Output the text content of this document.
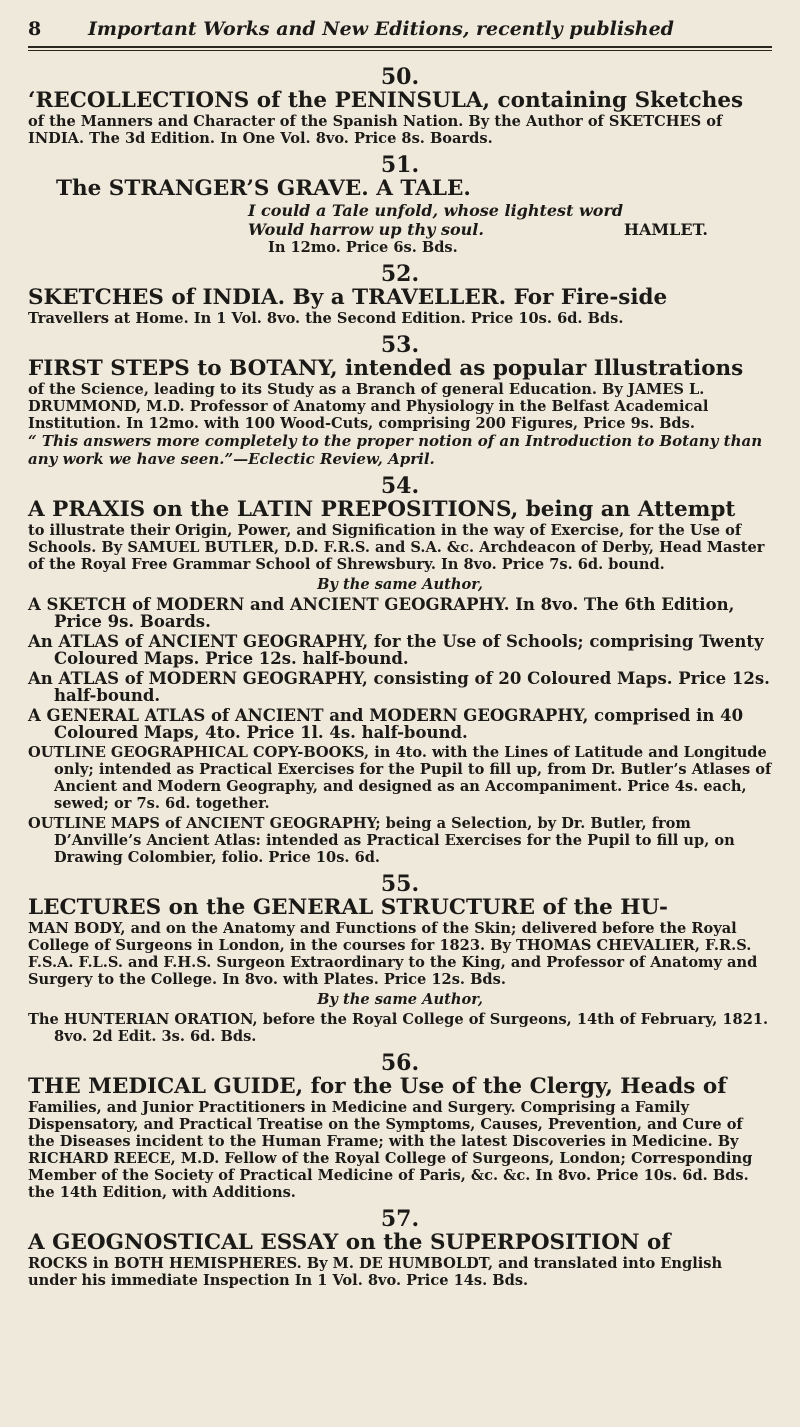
8	Important Works and New Editions, recently published
50.
‘RECOLLECTIONS of the PENINSULA, containing Sketches
of the Manners and Character of the Spanish Nation. By the Author of SKETCHES of INDIA. The 3d Edition. In One Vol. 8vo. Price 8s. Boards.
51.
The STRANGER’S GRAVE. A TALE.
I could a Tale unfold, whose lightest word
Would harrow up thy soul.	HAMLET.
In 12mo. Price 6s. Bds.
52.
SKETCHES of INDIA. By a TRAVELLER. For Fire-side
Travellers at Home. In 1 Vol. 8vo. the Second Edition. Price 10s. 6d. Bds.
53.
FIRST STEPS to BOTANY, intended as popular Illustrations
of the Science, leading to its Study as a Branch of general Education. By JAMES L. DRUMMOND, M.D. Professor of Anatomy and Physiology in the Belfast Academical Institution. In 12mo. with 100 Wood-Cuts, comprising 200 Figures, Price 9s. Bds.
“ This answers more completely to the proper notion of an Introduction to Botany than any work we have seen.”—Eclectic Review, April.
54.
A PRAXIS on the LATIN PREPOSITIONS, being an Attempt
to illustrate their Origin, Power, and Signification in the way of Exercise, for the Use of Schools. By SAMUEL BUTLER, D.D. F.R.S. and S.A. &c. Archdeacon of Derby, Head Master of the Royal Free Grammar School of Shrewsbury. In 8vo. Price 7s. 6d. bound.
By the same Author,
A SKETCH of MODERN and ANCIENT GEOGRAPHY. In 8vo. The 6th Edition, Price 9s. Boards.
An ATLAS of ANCIENT GEOGRAPHY, for the Use of Schools; comprising Twenty Coloured Maps. Price 12s. half-bound.
An ATLAS of MODERN GEOGRAPHY, consisting of 20 Coloured Maps. Price 12s. half-bound.
A GENERAL ATLAS of ANCIENT and MODERN GEOGRAPHY, comprised in 40 Coloured Maps, 4to. Price 1l. 4s. half-bound.
OUTLINE GEOGRAPHICAL COPY-BOOKS, in 4to. with the Lines of Latitude and Longitude only; intended as Practical Exercises for the Pupil to fill up, from Dr. Butler’s Atlases of Ancient and Modern Geography, and designed as an Accompaniment. Price 4s. each, sewed; or 7s. 6d. together.
OUTLINE MAPS of ANCIENT GEOGRAPHY; being a Selection, by Dr. Butler, from D’Anville’s Ancient Atlas: intended as Practical Exercises for the Pupil to fill up, on Drawing Colombier, folio. Price 10s. 6d.
55.
LECTURES on the GENERAL STRUCTURE of the HU-
MAN BODY, and on the Anatomy and Functions of the Skin; delivered before the Royal College of Surgeons in London, in the courses for 1823. By THOMAS CHEVALIER, F.R.S. F.S.A. F.L.S. and F.H.S. Surgeon Extraordinary to the King, and Professor of Anatomy and Surgery to the College. In 8vo. with Plates. Price 12s. Bds.
By the same Author,
The HUNTERIAN ORATION, before the Royal College of Surgeons, 14th of February, 1821. 8vo. 2d Edit. 3s. 6d. Bds.
56.
THE MEDICAL GUIDE, for the Use of the Clergy, Heads of
Families, and Junior Practitioners in Medicine and Surgery. Comprising a Family Dispensatory, and Practical Treatise on the Symptoms, Causes, Prevention, and Cure of the Diseases incident to the Human Frame; with the latest Discoveries in Medicine. By RICHARD REECE, M.D. Fellow of the Royal College of Surgeons, London; Corresponding Member of the Society of Practical Medicine of Paris, &c. &c. In 8vo. Price 10s. 6d. Bds. the 14th Edition, with Additions.
57.
A GEOGNOSTICAL ESSAY on the SUPERPOSITION of
ROCKS in BOTH HEMISPHERES. By M. DE HUMBOLDT, and translated into English under his immediate Inspection In 1 Vol. 8vo. Price 14s. Bds.
